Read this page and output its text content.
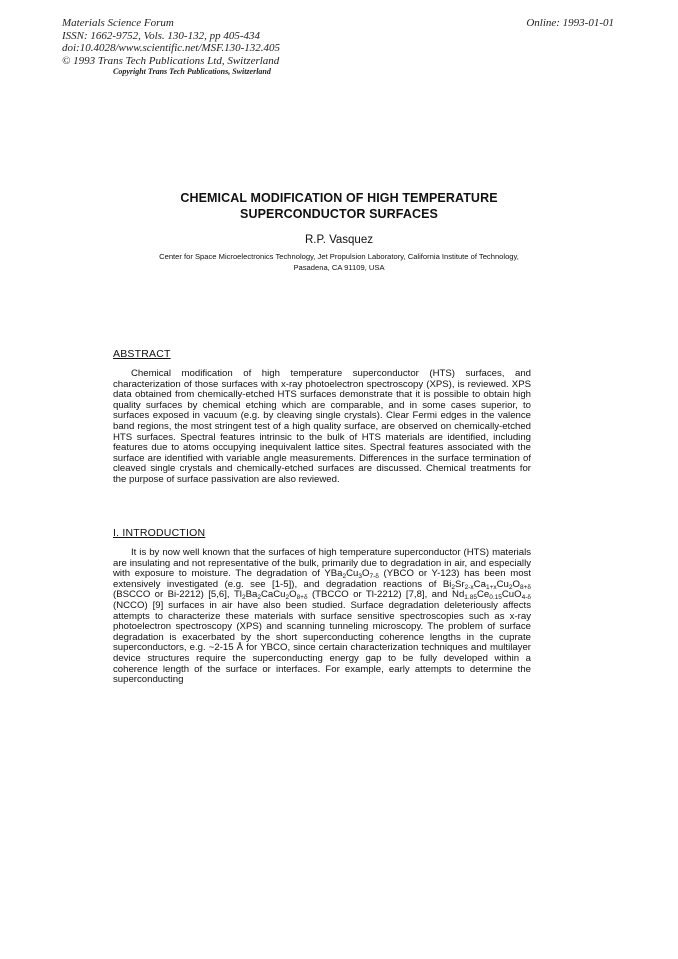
Materials Science Forum
ISSN: 1662-9752, Vols. 130-132, pp 405-434
doi:10.4028/www.scientific.net/MSF.130-132.405
© 1993 Trans Tech Publications Ltd, Switzerland
Online: 1993-01-01
Copyright Trans Tech Publications, Switzerland
CHEMICAL MODIFICATION OF HIGH TEMPERATURE
SUPERCONDUCTOR SURFACES
R.P. Vasquez
Center for Space Microelectronics Technology, Jet Propulsion Laboratory, California Institute of Technology,
Pasadena, CA 91109, USA
ABSTRACT

Chemical modification of high temperature superconductor (HTS) surfaces, and characterization of those surfaces with x-ray photoelectron spectroscopy (XPS), is reviewed. XPS data obtained from chemically-etched HTS surfaces demonstrate that it is possible to obtain high quality surfaces by chemical etching which are comparable, and in some cases superior, to surfaces exposed in vacuum (e.g. by cleaving single crystals). Clear Fermi edges in the valence band regions, the most stringent test of a high quality surface, are observed on chemically-etched HTS surfaces. Spectral features intrinsic to the bulk of HTS materials are identified, including features due to atoms occupying inequivalent lattice sites. Spectral features associated with the surface are identified with variable angle measurements. Differences in the surface termination of cleaved single crystals and chemically-etched surfaces are discussed. Chemical treatments for the purpose of surface passivation are also reviewed.

I. INTRODUCTION

It is by now well known that the surfaces of high temperature superconductor (HTS) materials are insulating and not representative of the bulk, primarily due to degradation in air, and especially with exposure to moisture. The degradation of $YBa_2Cu_3O_{7-\delta}$ (YBCO or Y-123) has been most extensively investigated (e.g. see [1-5]), and degradation reactions of $Bi_2Sr_{2-x}Ca_{1+x}Cu_2O_{8+\delta}$ (BSCCO or Bi-2212) [5,6], $Tl_2Ba_2CaCu_2O_{8+\delta}$ (TBCCO or Tl-2212) [7,8], and $Nd_{1.85}Ce_{0.15}CuO_{4-\delta}$ (NCCO) [9] surfaces in air have also been studied. Surface degradation deleteriously affects attempts to characterize these materials with surface sensitive spectroscopies such as x-ray photoelectron spectroscopy (XPS) and scanning tunneling microscopy. The problem of surface degradation is exacerbated by the short superconducting coherence lengths in the cuprate superconductors, e.g. ~2-15 Å for YBCO, since certain characterization techniques and multilayer device structures require the superconducting energy gap to be fully developed within a coherence length of the surface or interfaces. For example, early attempts to determine the superconducting
